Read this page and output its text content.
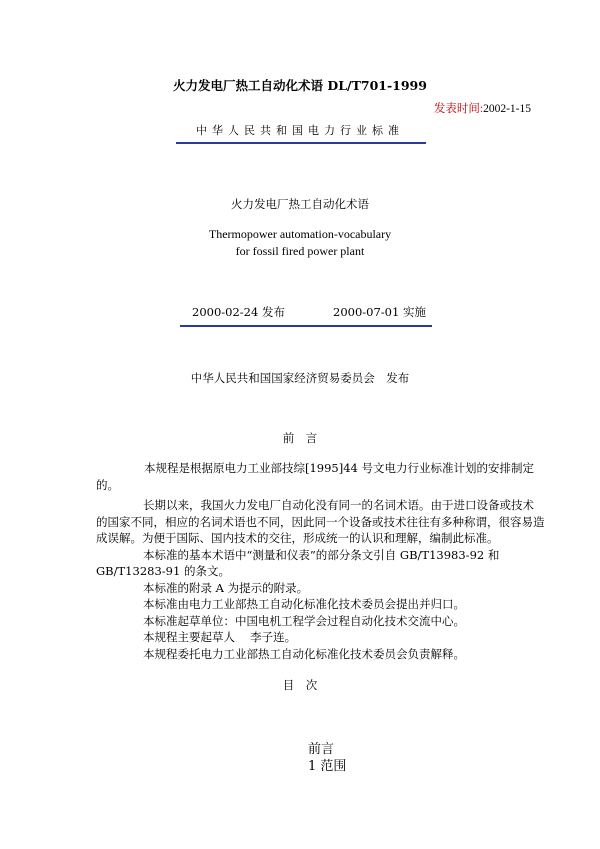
火力发电厂热工自动化术语 DL/T701-1999
发表时间:2002-1-15
中华人民共和国电力行业标准
火力发电厂热工自动化术语
Thermopower automation-vocabulary
for fossil fired power plant
2000-02-24 发布	2000-07-01 实施
中华人民共和国国家经济贸易委员会　发布
前　言

本规程是根据原电力工业部技综[1995]44 号文电力行业标准计划的安排制定

的。

长期以来，我国火力发电厂自动化没有同一的名词术语。由于进口设备或技术

的国家不同，相应的名词术语也不同，因此同一个设备或技术往往有多种称谓，很容易造

成误解。为便于国际、国内技术的交往，形成统一的认识和理解，编制此标准。

本标准的基本术语中“测量和仪表”的部分条文引自 GB/T13983-92 和

GB/T13283-91 的条文。

本标准的附录 A 为提示的附录。

本标准由电力工业部热工自动化标准化技术委员会提出并归口。

本标准起草单位：中国电机工程学会过程自动化技术交流中心。

本规程主要起草人　 李子连。

本规程委托电力工业部热工自动化标准化技术委员会负责解释。

目　次
前言
1 范围
